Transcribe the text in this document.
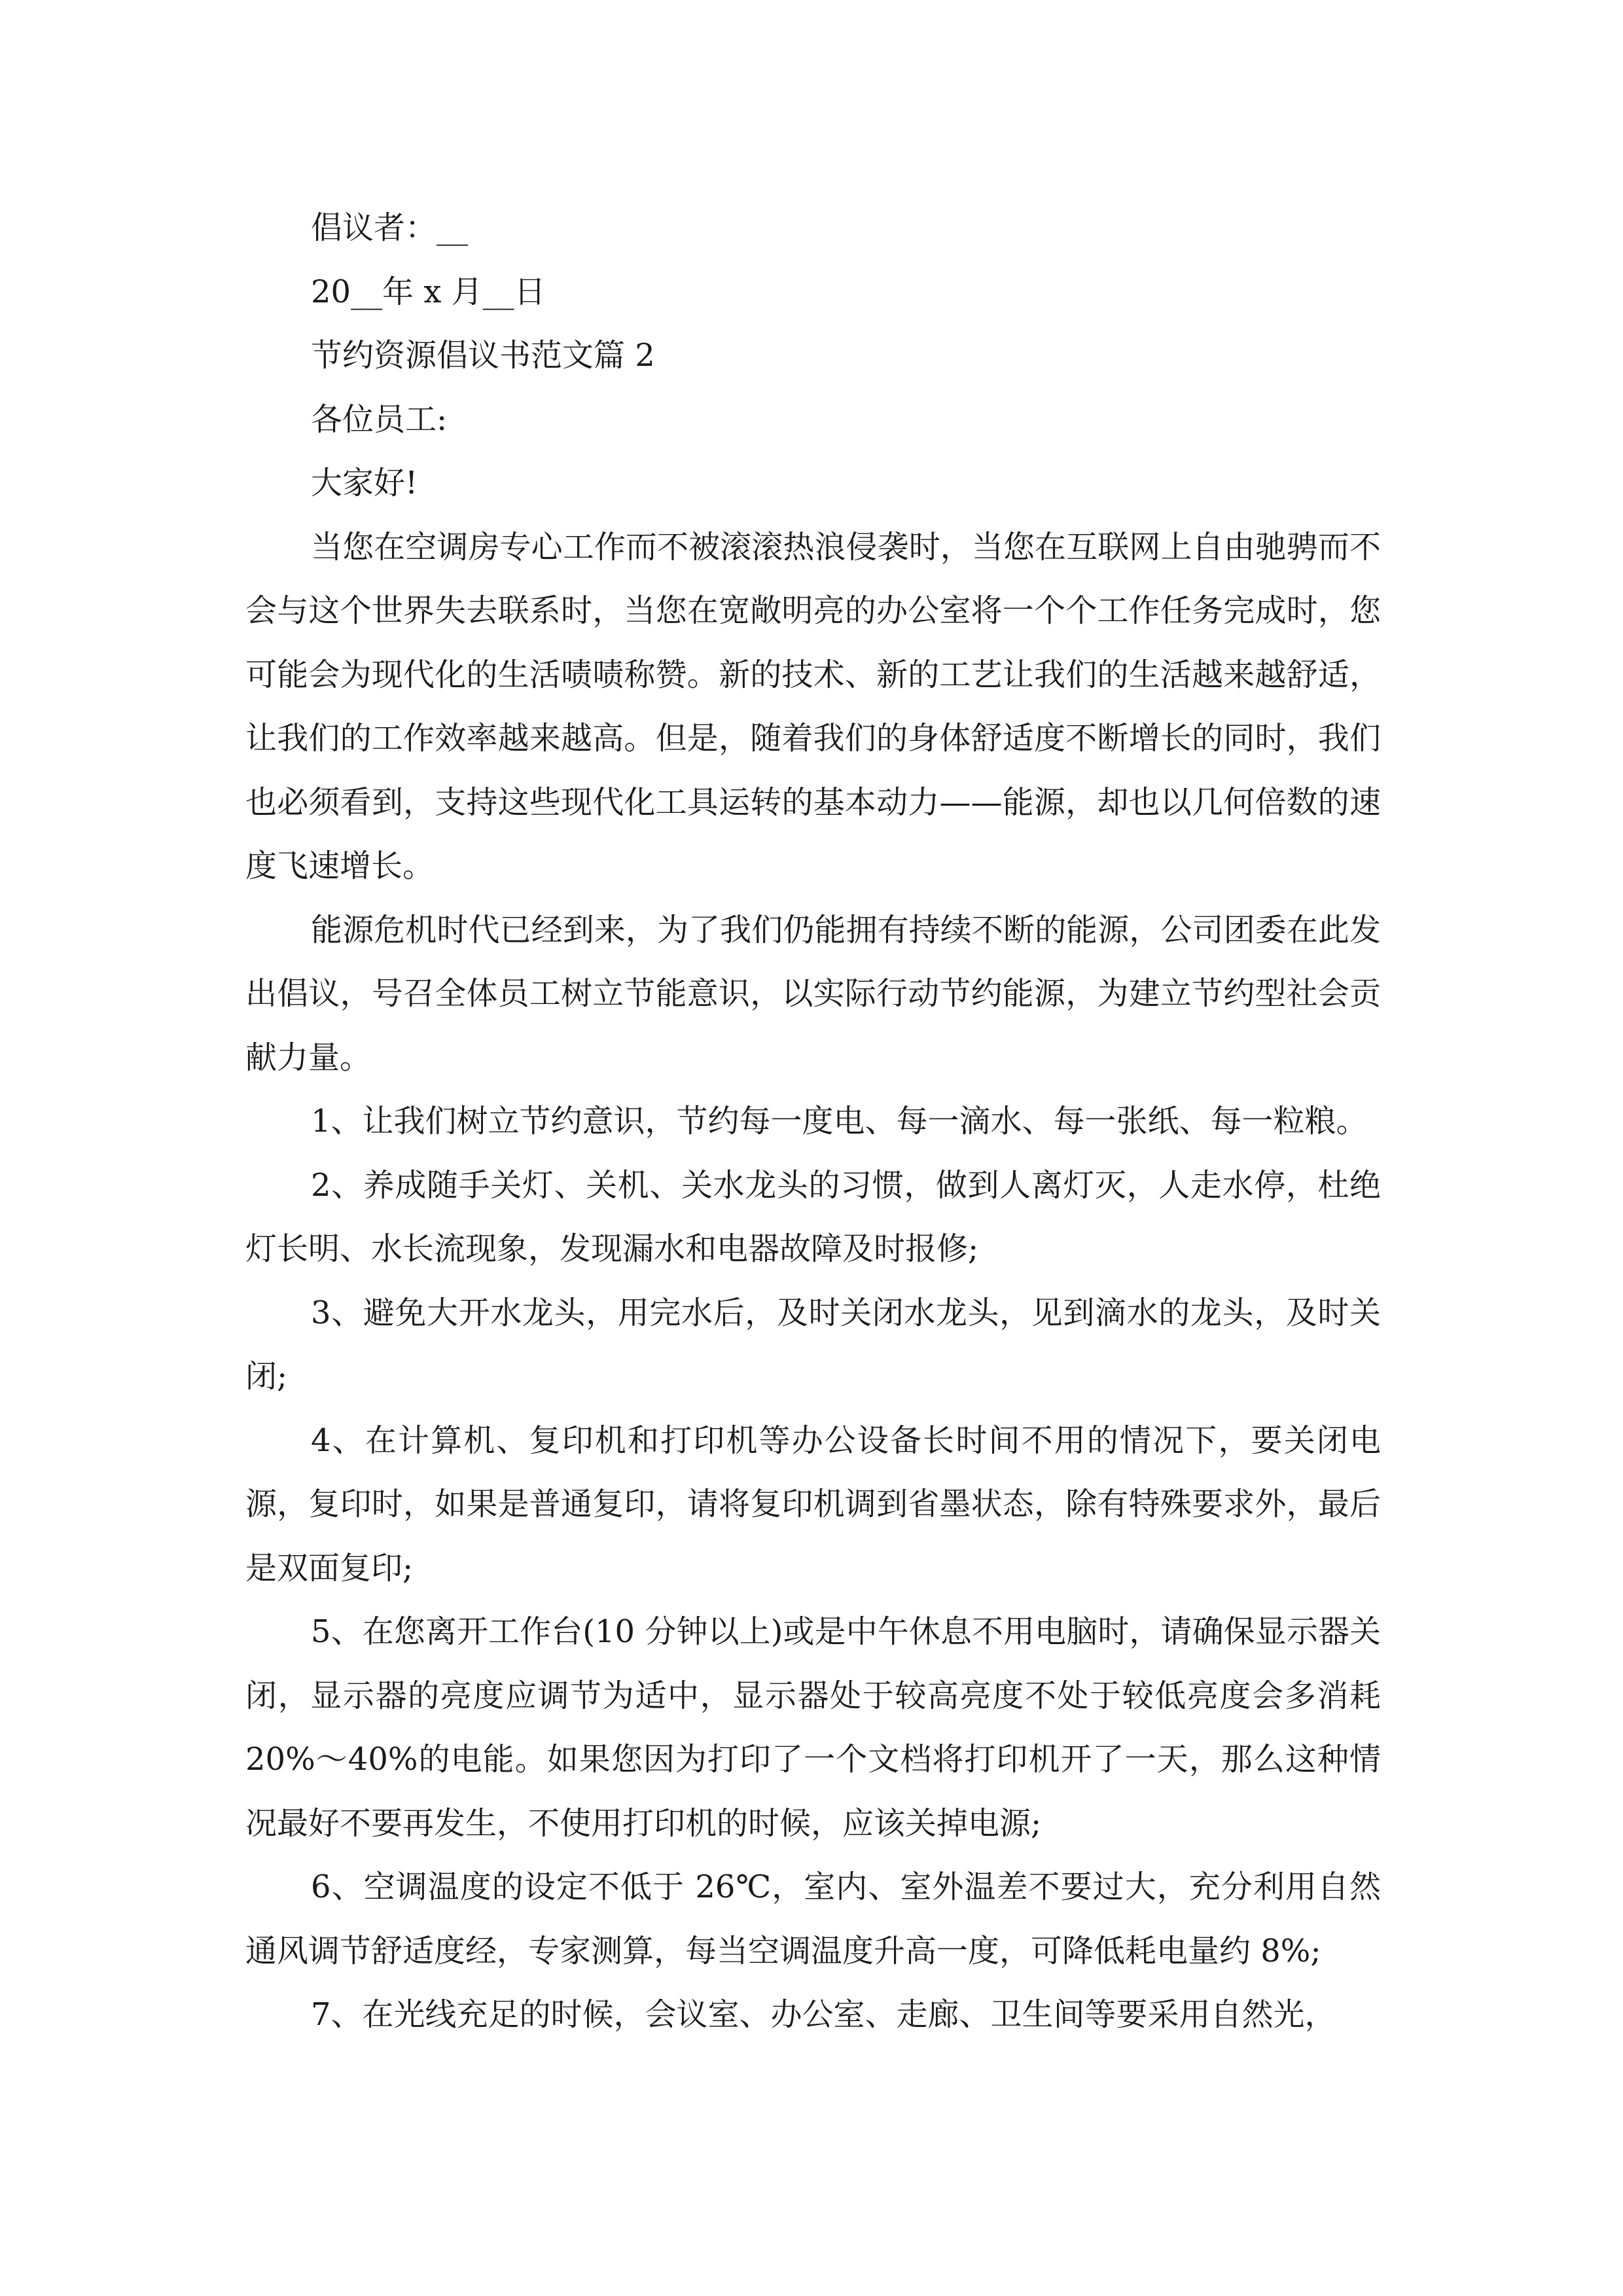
倡议者：__

20__年 x 月__日

节约资源倡议书范文篇 2

各位员工:

大家好!

当您在空调房专心工作而不被滚滚热浪侵袭时，当您在互联网上自由驰骋而不会与这个世界失去联系时，当您在宽敞明亮的办公室将一个个工作任务完成时，您可能会为现代化的生活啧啧称赞。新的技术、新的工艺让我们的生活越来越舒适，让我们的工作效率越来越高。但是，随着我们的身体舒适度不断增长的同时，我们也必须看到，支持这些现代化工具运转的基本动力——能源，却也以几何倍数的速度飞速增长。

能源危机时代已经到来，为了我们仍能拥有持续不断的能源，公司团委在此发出倡议，号召全体员工树立节能意识，以实际行动节约能源，为建立节约型社会贡献力量。

1、让我们树立节约意识，节约每一度电、每一滴水、每一张纸、每一粒粮。

2、养成随手关灯、关机、关水龙头的习惯，做到人离灯灭，人走水停，杜绝灯长明、水长流现象，发现漏水和电器故障及时报修;

3、避免大开水龙头，用完水后，及时关闭水龙头，见到滴水的龙头，及时关闭;

4、在计算机、复印机和打印机等办公设备长时间不用的情况下，要关闭电源，复印时，如果是普通复印，请将复印机调到省墨状态，除有特殊要求外，最后是双面复印;

5、在您离开工作台(10 分钟以上)或是中午休息不用电脑时，请确保显示器关闭，显示器的亮度应调节为适中，显示器处于较高亮度不处于较低亮度会多消耗 20%～40%的电能。如果您因为打印了一个文档将打印机开了一天，那么这种情况最好不要再发生，不使用打印机的时候，应该关掉电源;

6、空调温度的设定不低于 26℃，室内、室外温差不要过大，充分利用自然通风调节舒适度经，专家测算，每当空调温度升高一度，可降低耗电量约 8%;

7、在光线充足的时候，会议室、办公室、走廊、卫生间等要采用自然光，
